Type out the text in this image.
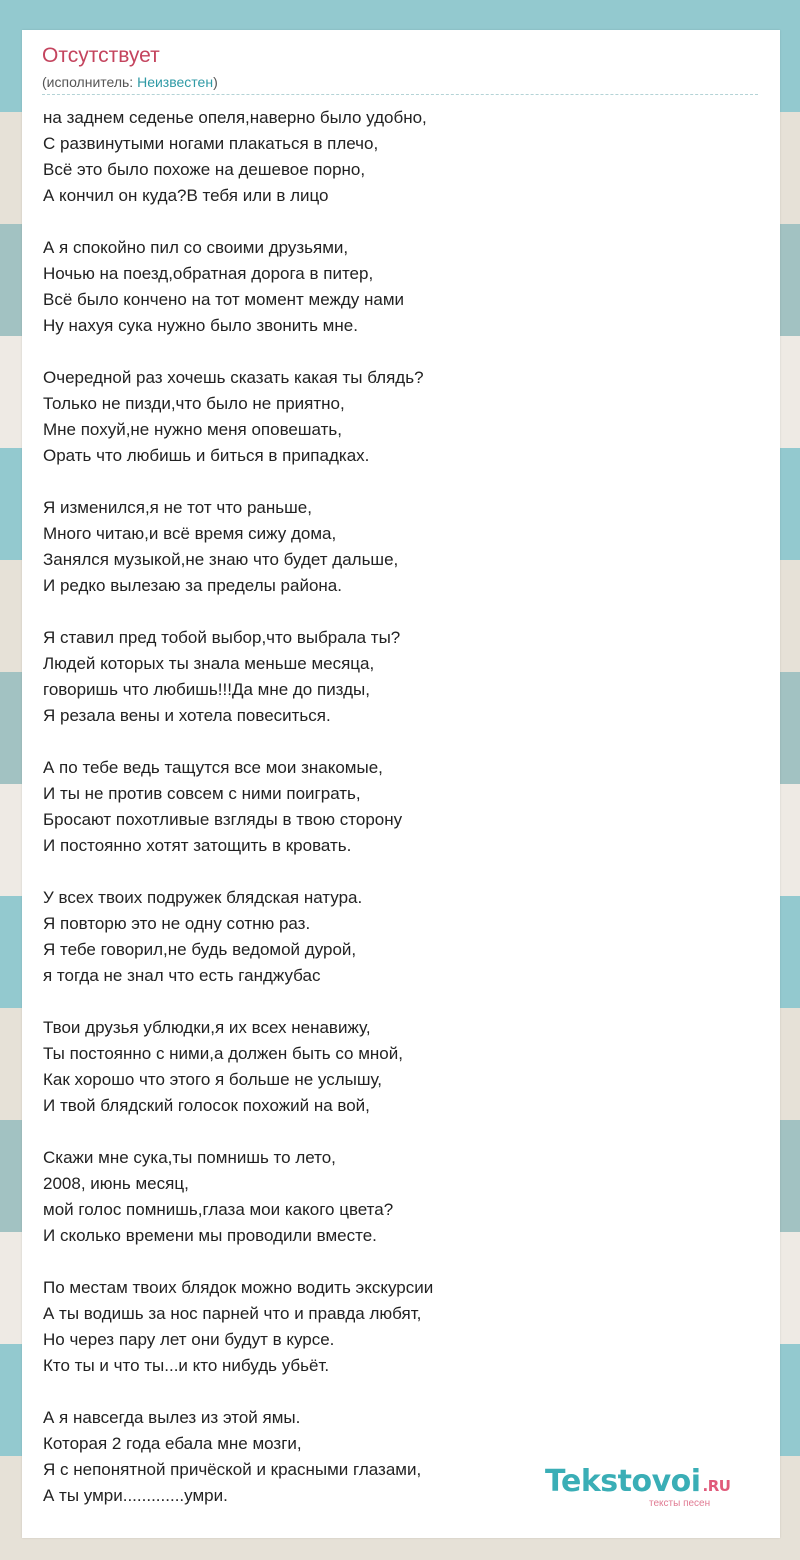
Отсутствует
(исполнитель: Неизвестен)
на заднем седенье опеля,наверно было удобно,
С развинутыми ногами плакаться в плечо,
Всё это было похоже на дешевое порно,
А кончил он куда?В тебя или в лицо
А я спокойно пил со своими друзьями,
Ночью на поезд,обратная дорога в питер,
Всё было кончено на тот момент между нами
Ну нахуя сука нужно было звонить мне.
Очередной раз хочешь сказать какая ты блядь?
Только не пизди,что было не приятно,
Мне похуй,не нужно меня оповешать,
Орать что любишь и биться в припадках.
Я изменился,я не тот что раньше,
Много читаю,и всё время сижу дома,
Занялся музыкой,не знаю что будет дальше,
И редко вылезаю за пределы района.
Я ставил пред тобой выбор,что выбрала ты?
Людей которых ты знала меньше месяца,
говоришь что любишь!!!Да мне до пизды,
Я резала вены и хотела повеситься.
А по тебе ведь тащутся все мои знакомые,
И ты не против совсем с ними поиграть,
Бросают похотливые взгляды в твою сторону
И постоянно хотят затощить в кровать.
У всех твоих подружек блядская натура.
Я повторю это не одну сотню раз.
Я тебе говорил,не будь ведомой дурой,
я тогда не знал что есть ганджубас
Твои друзья ублюдки,я их всех ненавижу,
Ты постоянно с ними,а должен быть со мной,
Как хорошо что этого я больше не услышу,
И твой блядский голосок похожий на вой,
Скажи мне сука,ты помнишь то лето,
2008, июнь месяц,
мой голос помнишь,глаза мои какого цвета?
И сколько времени мы проводили вместе.
По местам твоих блядок можно водить экскурсии
А ты водишь за нос парней что и правда любят,
Но через пару лет они будут в курсе.
Кто ты и что ты...и кто нибудь убьёт.
А я навсегда вылез из этой ямы.
Которая 2 года ебала мне мозги,
Я с непонятной причёской и красными глазами,
А ты умри.............умри.	Tekstovoi .RU
тексты песен
